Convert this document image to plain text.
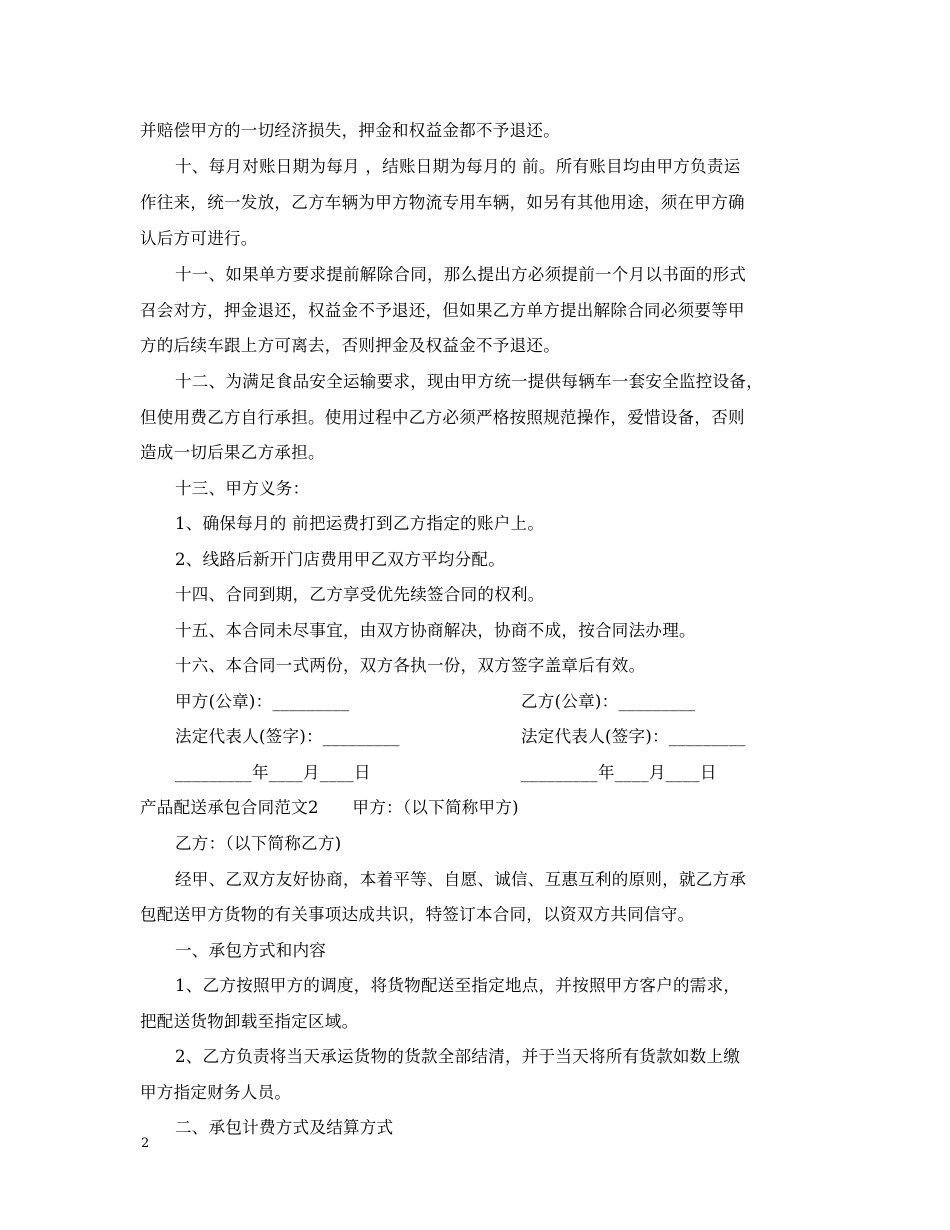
并赔偿甲方的一切经济损失，押金和权益金都不予退还。
十、每月对账日期为每月 ，结账日期为每月的 前。所有账目均由甲方负责运
作往来，统一发放，乙方车辆为甲方物流专用车辆，如另有其他用途，须在甲方确
认后方可进行。
十一、如果单方要求提前解除合同，那么提出方必须提前一个月以书面的形式
召会对方，押金退还，权益金不予退还，但如果乙方单方提出解除合同必须要等甲
方的后续车跟上方可离去，否则押金及权益金不予退还。
十二、为满足食品安全运输要求，现由甲方统一提供每辆车一套安全监控设备，
但使用费乙方自行承担。使用过程中乙方必须严格按照规范操作，爱惜设备，否则
造成一切后果乙方承担。
十三、甲方义务：
1、确保每月的 前把运费打到乙方指定的账户上。
2、线路后新开门店费用甲乙双方平均分配。
十四、合同到期，乙方享受优先续签合同的权利。
十五、本合同未尽事宜，由双方协商解决，协商不成，按合同法办理。
十六、本合同一式两份，双方各执一份，双方签字盖章后有效。
甲方(公章)：_________	乙方(公章)：_________
法定代表人(签字)：_________	法定代表人(签字)：_________
_________年____月____日	_________年____月____日
产品配送承包合同范文2　　甲方：（以下简称甲方)
乙方：（以下简称乙方)
经甲、乙双方友好协商，本着平等、自愿、诚信、互惠互利的原则，就乙方承
包配送甲方货物的有关事项达成共识，特签订本合同，以资双方共同信守。
一、承包方式和内容
1、乙方按照甲方的调度，将货物配送至指定地点，并按照甲方客户的需求，
把配送货物卸载至指定区域。
2、乙方负责将当天承运货物的货款全部结清，并于当天将所有货款如数上缴
甲方指定财务人员。
二、承包计费方式及结算方式
2
